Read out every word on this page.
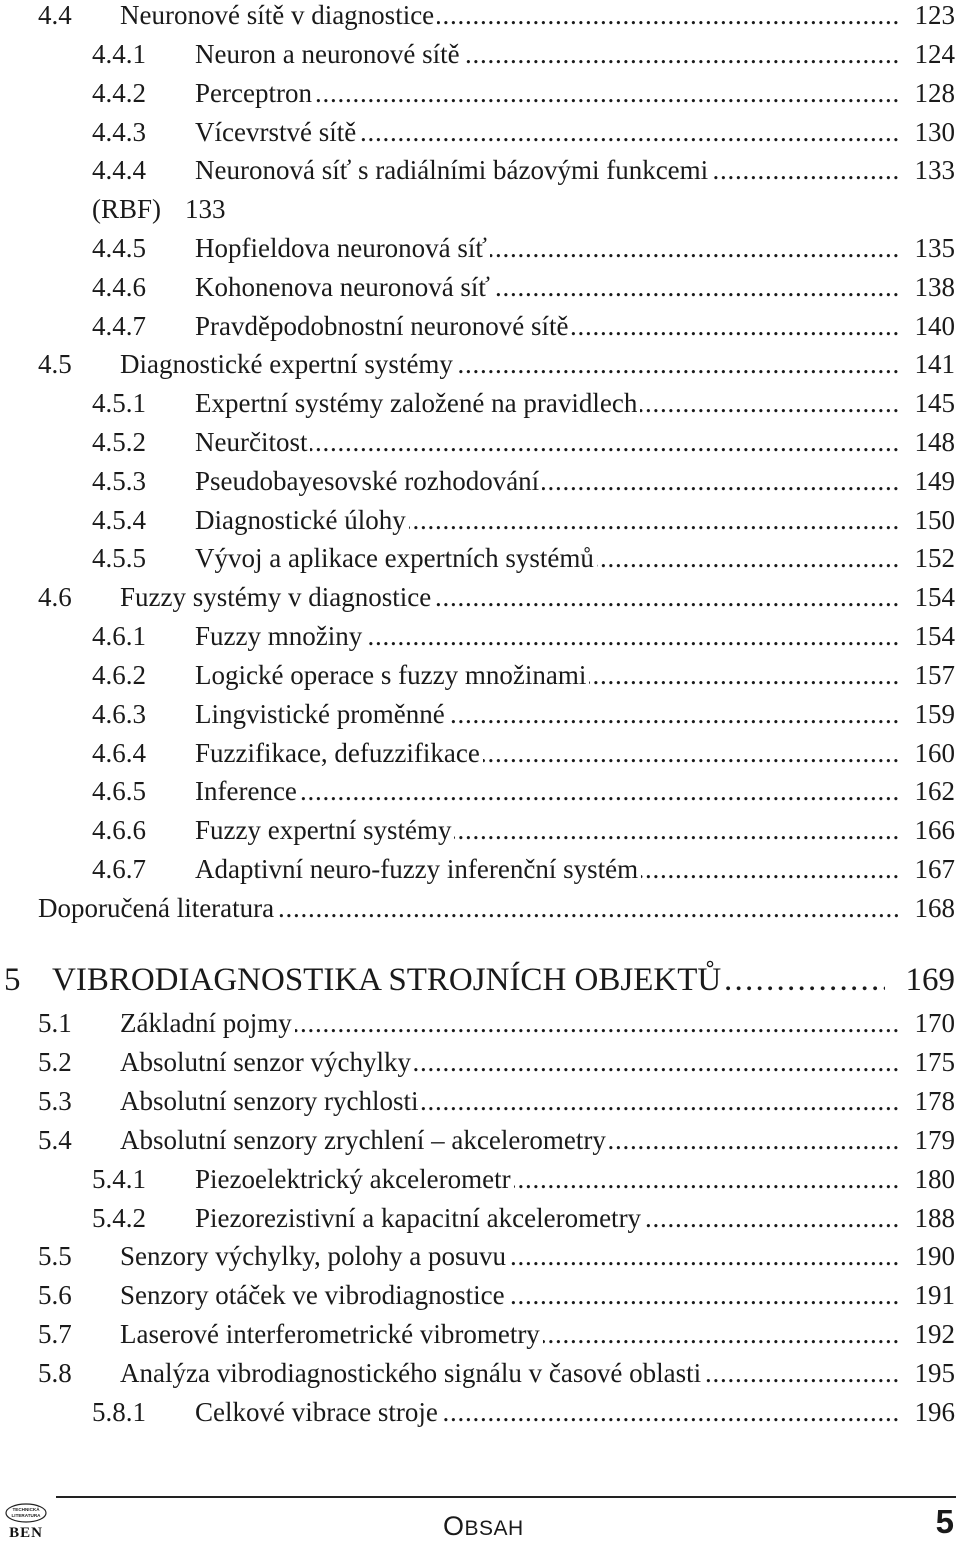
4.4 Neuronové sítě v diagnostice . . .	123
4.4.1 Neuron a neuronové sítě . . .	124
4.4.2 Perceptron . . .	128
4.4.3 Vícevrstvé sítě . . .	130
4.4.4 Neuronová síť s radiálními bázovými funkcemi . . .	133
(RBF) 133
4.4.5 Hopfieldova neuronová síť . . .	135
4.4.6 Kohonenova neuronová síť . . .	138
4.4.7 Pravděpodobnostní neuronové sítě . . .	140
4.5 Diagnostické expertní systémy . . .	141
4.5.1 Expertní systémy založené na pravidlech . . .	145
4.5.2 Neurčitost . . .	148
4.5.3 Pseudobayesovské rozhodování . . .	149
4.5.4 Diagnostické úlohy . . .	150
4.5.5 Vývoj a aplikace expertních systémů . . .	152
4.6 Fuzzy systémy v diagnostice . . .	154
4.6.1 Fuzzy množiny . . .	154
4.6.2 Logické operace s fuzzy množinami . . .	157
4.6.3 Lingvistické proměnné . . .	159
4.6.4 Fuzzifikace, defuzzifikace . . .	160
4.6.5 Inference . . .	162
4.6.6 Fuzzy expertní systémy . . .	166
4.6.7 Adaptivní neuro-fuzzy inferenční systém . . .	167
Doporučená literatura . . .	168
5 VIBRODIAGNOSTIKA STROJNÍCH OBJEKTŮ . . .	169
5.1 Základní pojmy . . .	170
5.2 Absolutní senzor výchylky . . .	175
5.3 Absolutní senzory rychlosti . . .	178
5.4 Absolutní senzory zrychlení – akcelerometry . . .	179
5.4.1 Piezoelektrický akcelerometr . . .	180
5.4.2 Piezorezistivní a kapacitní akcelerometry . . .	188
5.5 Senzory výchylky, polohy a posuvu . . .	190
5.6 Senzory otáček ve vibrodiagnostice . . .	191
5.7 Laserové interferometrické vibrometry . . .	192
5.8 Analýza vibrodiagnostického signálu v časové oblasti . . .	195
5.8.1 Celkové vibrace stroje . . .	196
TECHNICKÁ
LITERATURA
BEN	OBSAH	5
